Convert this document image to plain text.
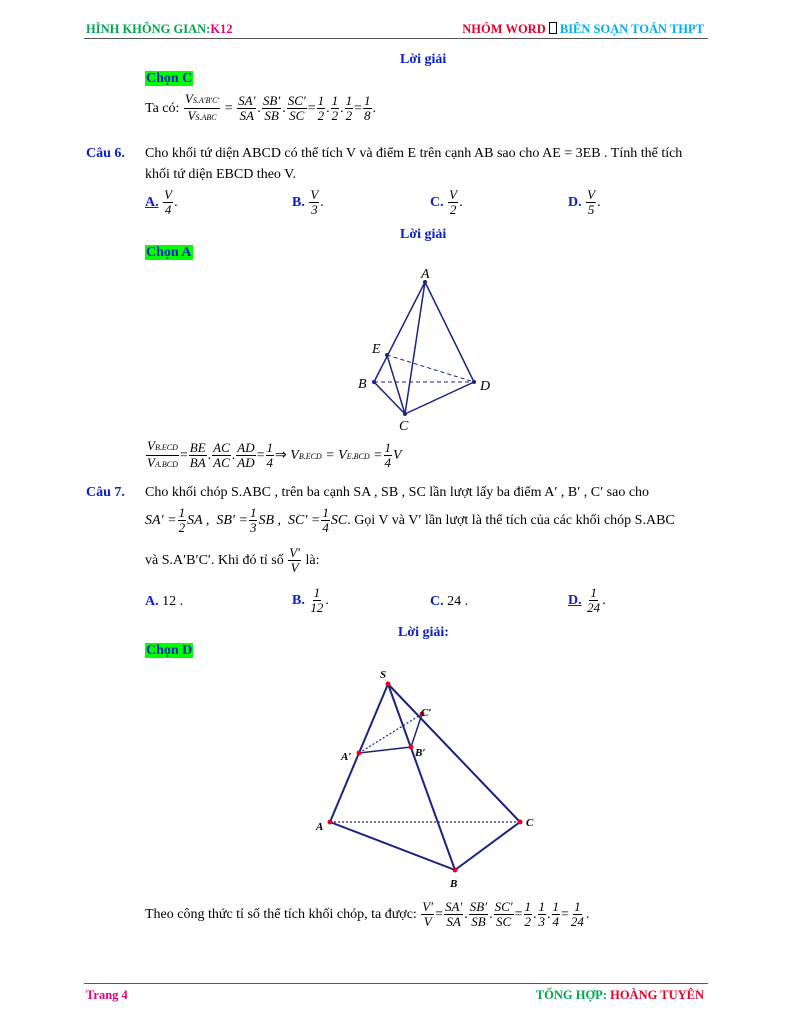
HÌNH KHÔNG GIAN:K12	NHÓM WORD BIÊN SOẠN TOÁN THPT
Lời giải
Chọn C
Ta có:
$\frac{VS.A'B'C'}{\text{VS.ABC}} = \frac{SA'}{SA}$ . $\frac{SB'}{SB}$ . $\frac{SC'}{SC} = \frac{1}{2}$ . $\frac{1}{2}$ . $\frac{1}{2} = \frac{1}{8}$ .
Câu 6. Cho khối tứ diện ABCD có thể tích V và điểm E trên cạnh AB sao cho AE = 3EB . Tính thể tích
khối tứ diện EBCD theo V.
A.
$\frac{V}{4}$ .	B.
$\frac{V}{3}$ .	C.
$\frac{V}{2}$ .	D.
$\frac{V}{5}$ .
Lời giải
Chọn A
A
B
C
D
E
$\frac{\text{VB.ECD}}{\text{VA.BCD}} = \frac{BE}{BA}$ . $\frac{AC}{AC}$ . $\frac{AD}{AD} = \frac{1}{4}$ ⇒ $VB.ECD = VE.BCD = \frac{1}{4}$ V
Câu 7. Cho khối chóp S.ABC , trên ba cạnh SA , SB , SC lần lượt lấy ba điểm A′ , B′ , C′ sao cho
$SA' = \frac{1}{2}$ SA ,  $SB' = \frac{1}{3}$ SB ,  $SC' = \frac{1}{4}$ SC . Gọi V và V′ lần lượt là thể tích của các khối chóp S.ABC
và S.A′B′C′. Khi đó tỉ số
$\frac{V'}{V}$
là:
A. 12 .	B.
$\frac{1}{12}$ .	C. 24 .	D.
$\frac{1}{24}$ .
Lời giải:
Chọn D
S
A
B
C
A′	B′
C′
Theo công thức tỉ số thể tích khối chóp, ta được:
$\frac{V'}{V} = \frac{SA'}{SA}$ . $\frac{SB'}{SB}$ . $\frac{SC'}{SC} = \frac{1}{2}$ . $\frac{1}{3}$ . $\frac{1}{4} = \frac{1}{24}$ .
Trang 4	TỔNG HỢP: HOÀNG TUYÊN
